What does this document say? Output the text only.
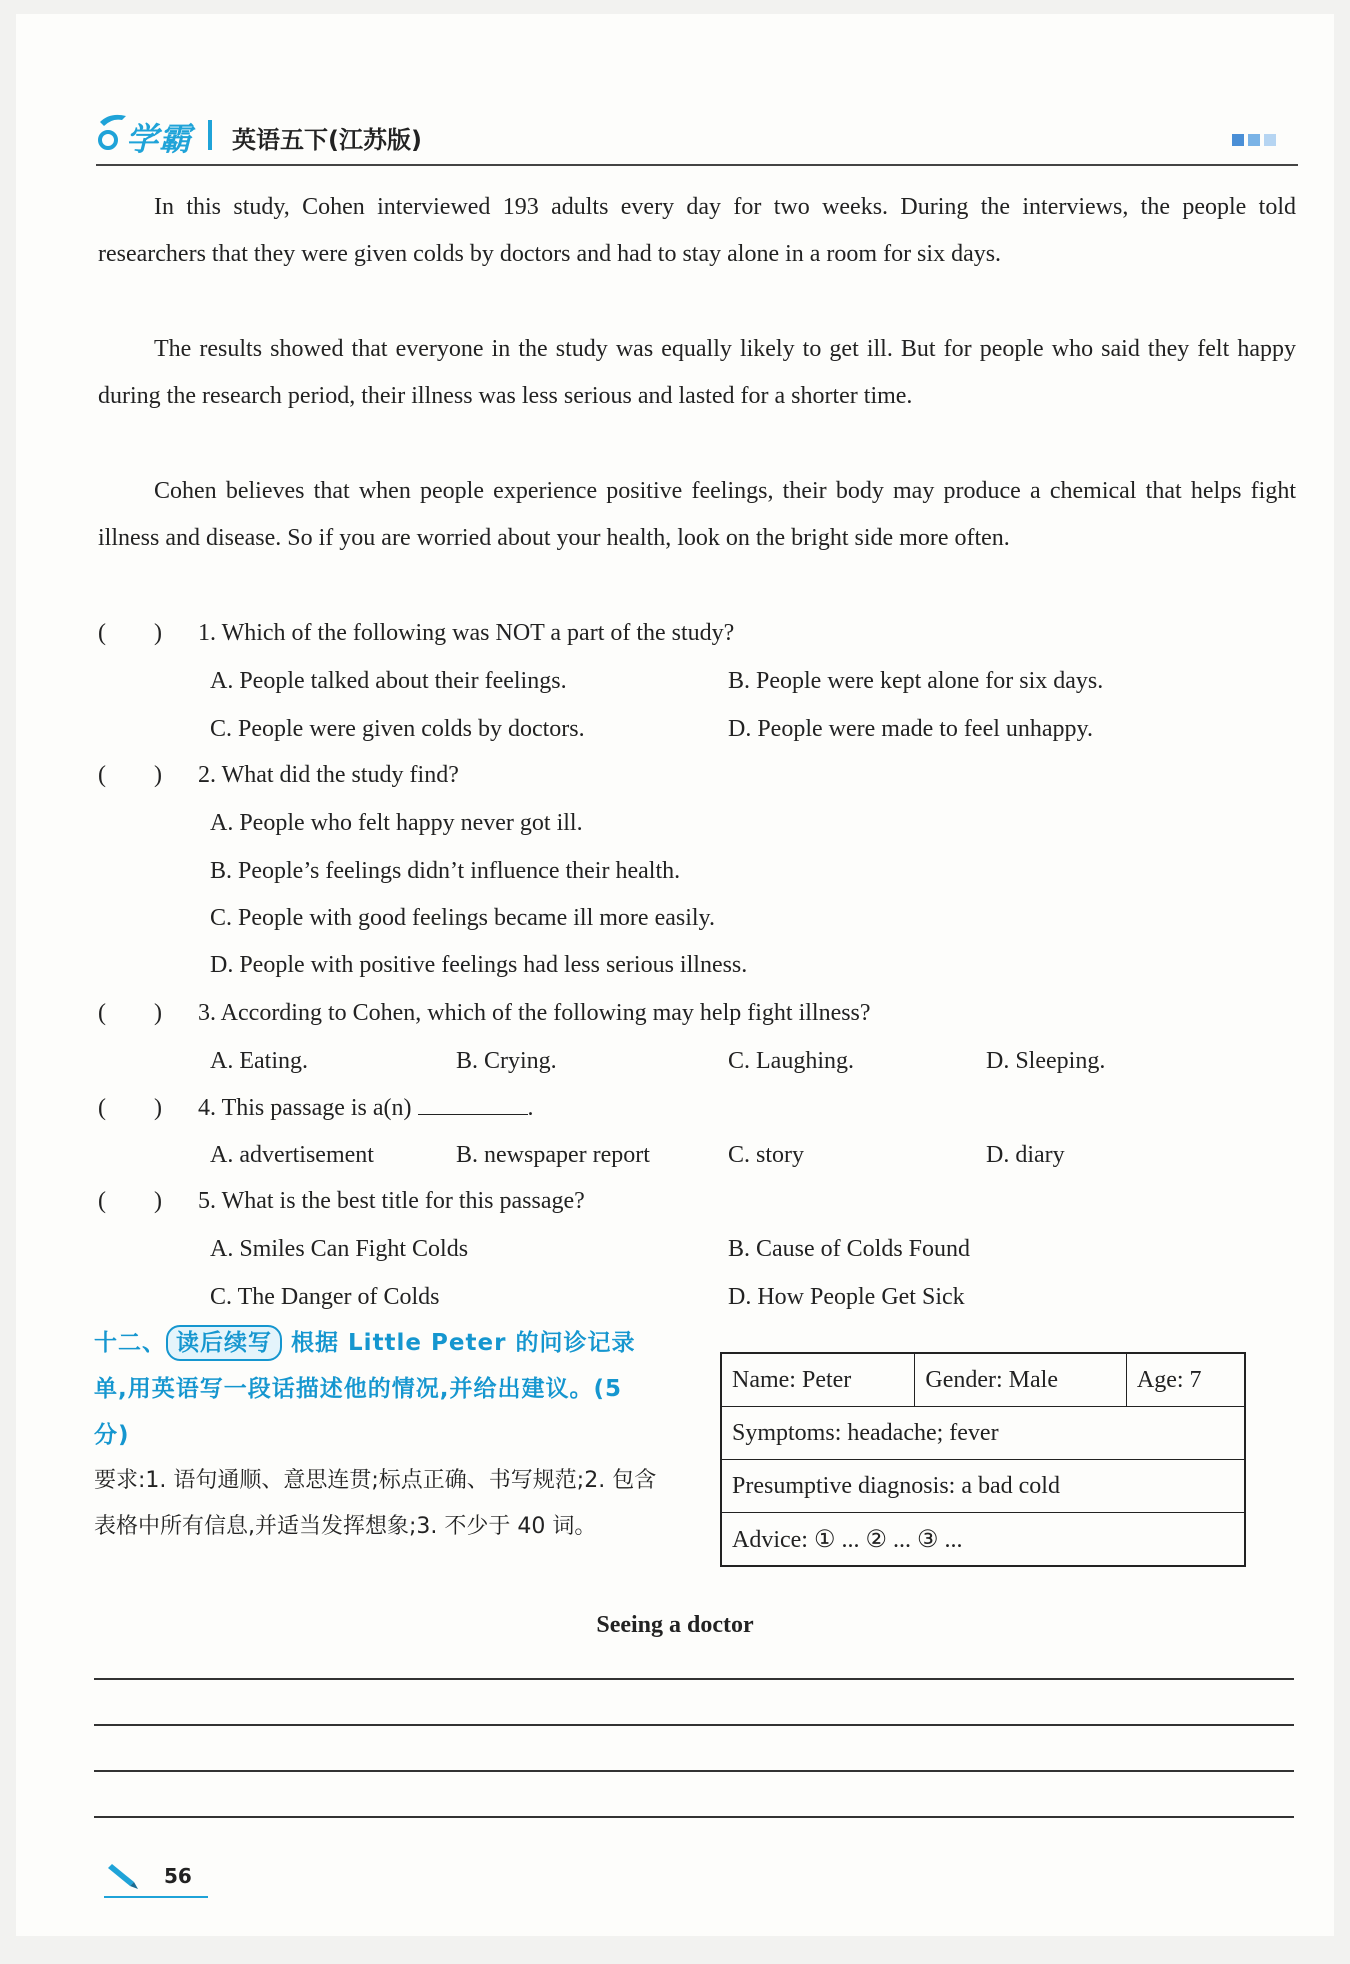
学霸 英语五下(江苏版)

In this study, Cohen interviewed 193 adults every day for two weeks. During the interviews, the people told researchers that they were given colds by doctors and had to stay alone in a room for six days.

The results showed that everyone in the study was equally likely to get ill. But for people who said they felt happy during the research period, their illness was less serious and lasted for a shorter time.

Cohen believes that when people experience positive feelings, their body may produce a chemical that helps fight illness and disease. So if you are worried about your health, look on the bright side more often.

(　　) 1. Which of the following was NOT a part of the study?
A. People talked about their feelings.	B. People were kept alone for six days.
C. People were given colds by doctors.	D. People were made to feel unhappy.
(　　) 2. What did the study find?
A. People who felt happy never got ill.
B. People’s feelings didn’t influence their health.
C. People with good feelings became ill more easily.
D. People with positive feelings had less serious illness.
(　　) 3. According to Cohen, which of the following may help fight illness?
A. Eating.	B. Crying.	C. Laughing.	D. Sleeping.
(　　) 4. This passage is a(n)	.
A. advertisement	B. newspaper report	C. story	D. diary
(　　) 5. What is the best title for this passage?
A. Smiles Can Fight Colds	B. Cause of Colds Found
C. The Danger of Colds	D. How People Get Sick
十二、 读后续写 根据 Little Peter 的问诊记录单,用英语写一段话描述他的情况,并给出建议。(5 分)
要求:1. 语句通顺、意思连贯;标点正确、书写规范;2. 包含表格中所有信息,并适当发挥想象;3. 不少于 40 词。
Name: Peter	Gender: Male	Age: 7
Symptoms: headache; fever
Presumptive diagnosis: a bad cold
Advice: ① ... ② ... ③ ...
Seeing a doctor
56
